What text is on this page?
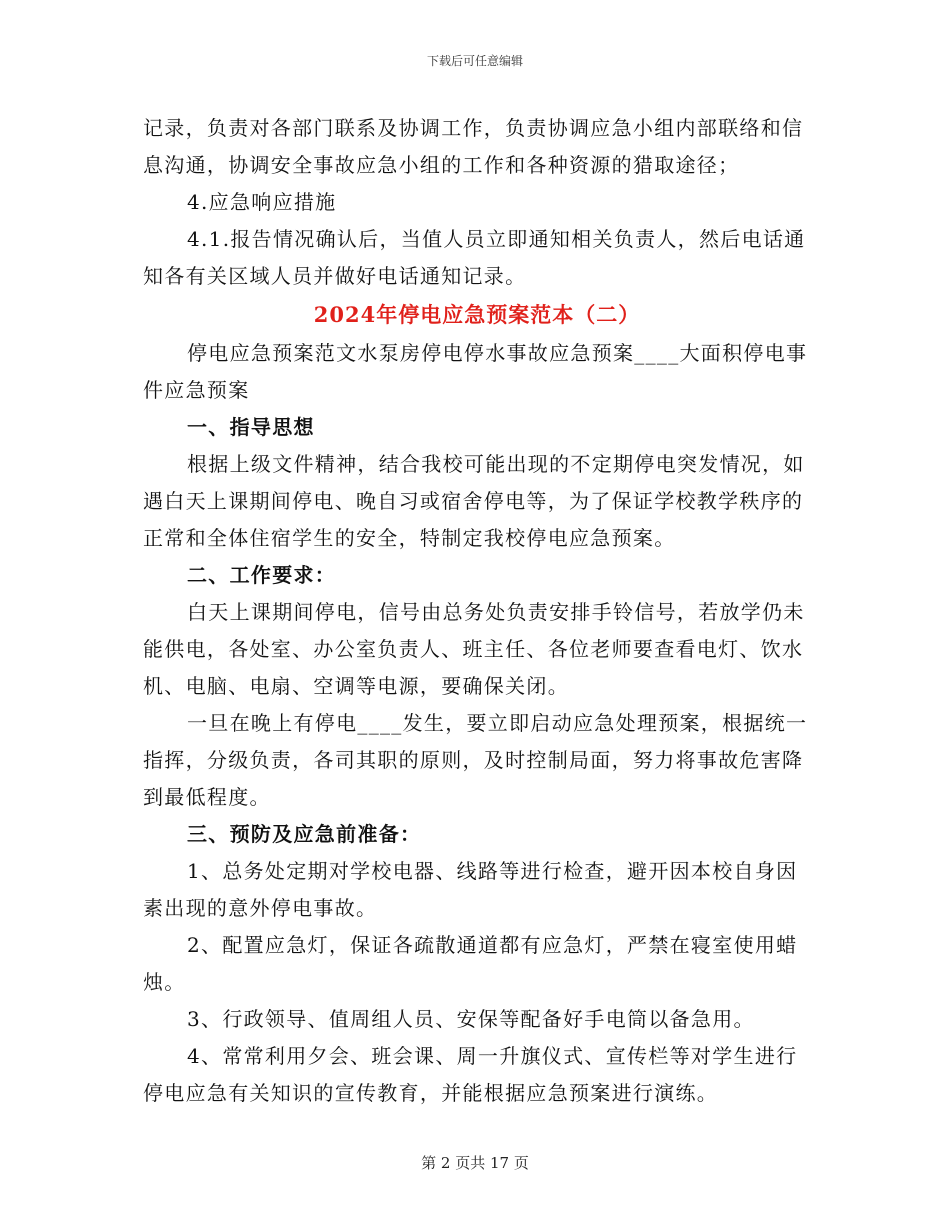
下载后可任意编辑

记录，负责对各部门联系及协调工作，负责协调应急小组内部联络和信息沟通，协调安全事故应急小组的工作和各种资源的猎取途径；

4.应急响应措施

4.1.报告情况确认后，当值人员立即通知相关负责人，然后电话通知各有关区域人员并做好电话通知记录。

2024年停电应急预案范本（二）

停电应急预案范文水泵房停电停水事故应急预案____大面积停电事件应急预案

一、指导思想

根据上级文件精神，结合我校可能出现的不定期停电突发情况，如遇白天上课期间停电、晚自习或宿舍停电等，为了保证学校教学秩序的正常和全体住宿学生的安全，特制定我校停电应急预案。

二、工作要求：

白天上课期间停电，信号由总务处负责安排手铃信号，若放学仍未能供电，各处室、办公室负责人、班主任、各位老师要查看电灯、饮水机、电脑、电扇、空调等电源，要确保关闭。

一旦在晚上有停电____发生，要立即启动应急处理预案，根据统一指挥，分级负责，各司其职的原则，及时控制局面，努力将事故危害降到最低程度。

三、预防及应急前准备：

1、总务处定期对学校电器、线路等进行检查，避开因本校自身因素出现的意外停电事故。

2、配置应急灯，保证各疏散通道都有应急灯，严禁在寝室使用蜡烛。

3、行政领导、值周组人员、安保等配备好手电筒以备急用。

4、常常利用夕会、班会课、周一升旗仪式、宣传栏等对学生进行停电应急有关知识的宣传教育，并能根据应急预案进行演练。

第 2 页共 17 页
